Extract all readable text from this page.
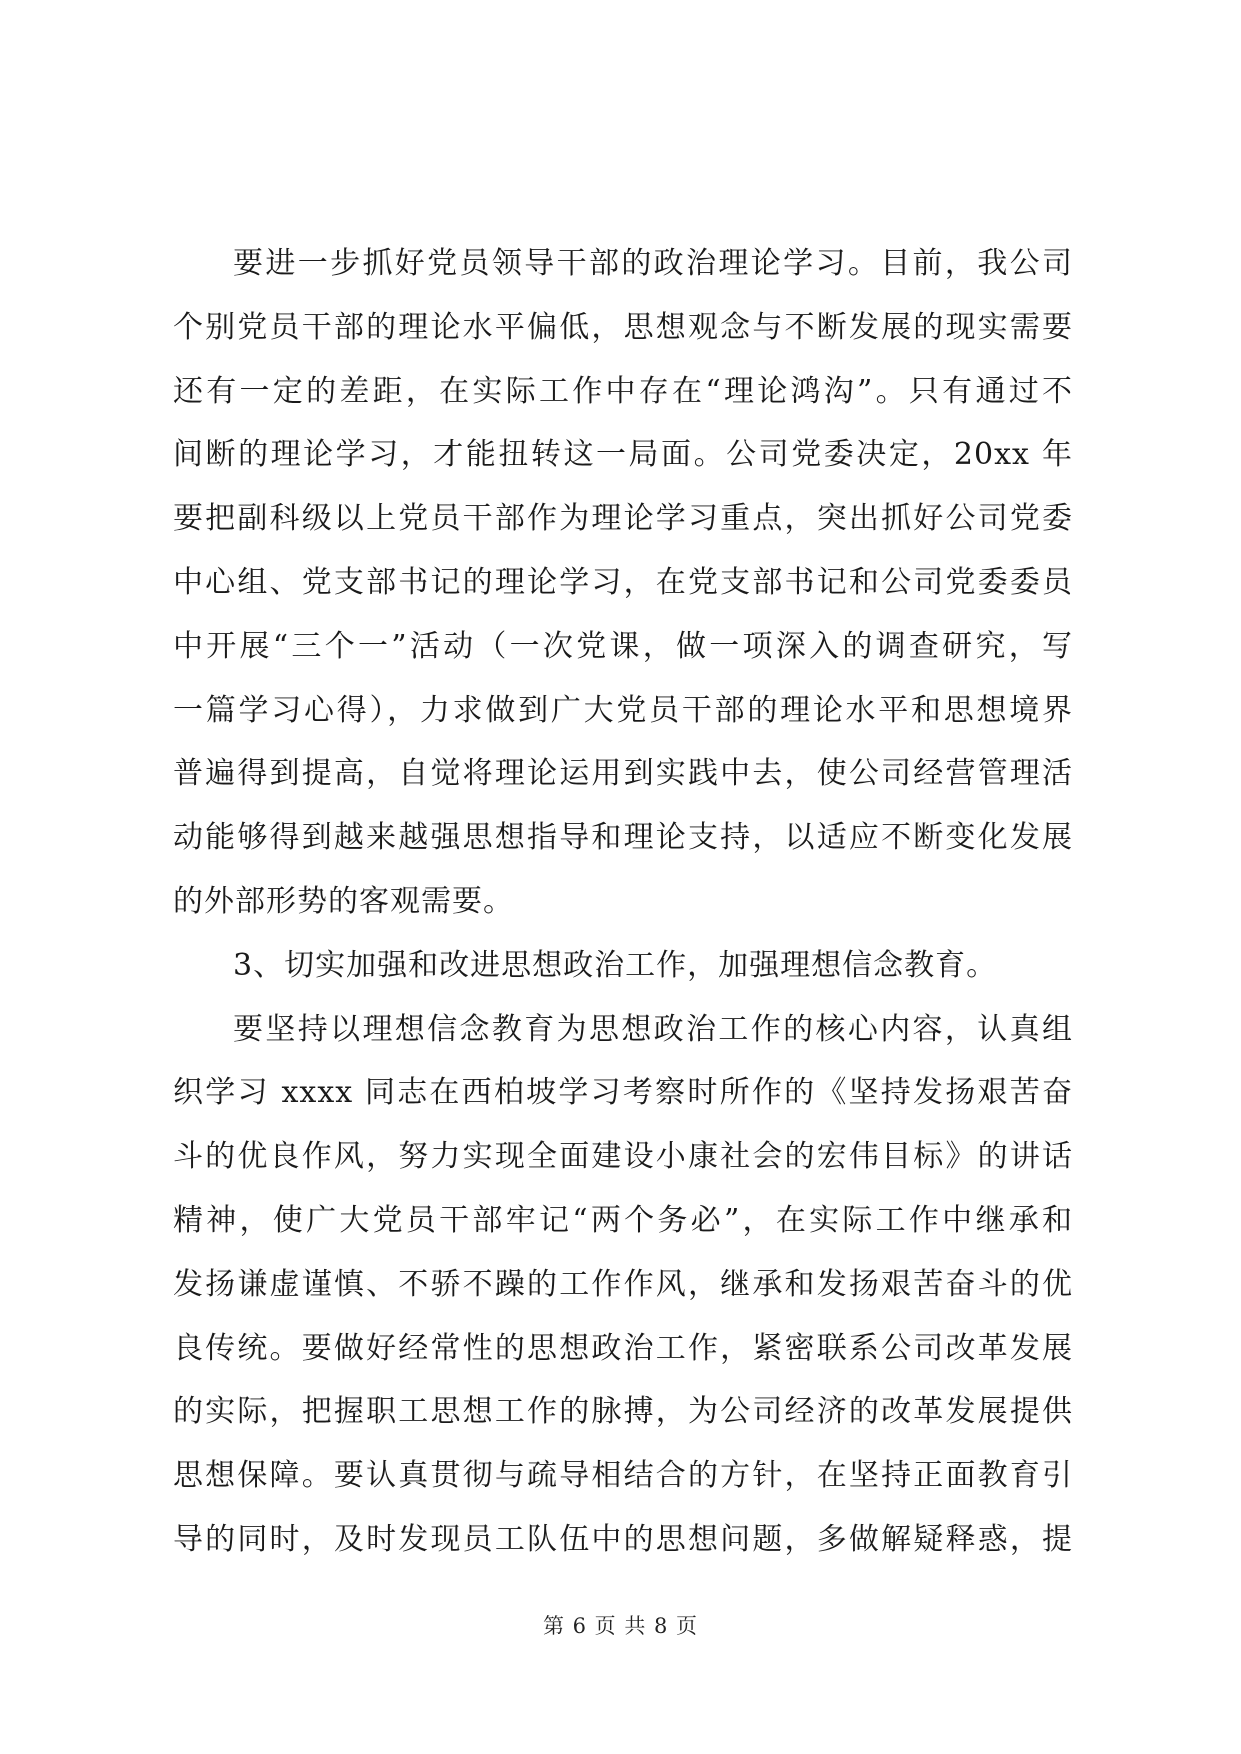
要进一步抓好党员领导干部的政治理论学习。目前，我公司
个别党员干部的理论水平偏低，思想观念与不断发展的现实需要
还有一定的差距，在实际工作中存在“理论鸿沟”。只有通过不
间断的理论学习，才能扭转这一局面。公司党委决定，20xx 年
要把副科级以上党员干部作为理论学习重点，突出抓好公司党委
中心组、党支部书记的理论学习，在党支部书记和公司党委委员
中开展“三个一”活动（一次党课，做一项深入的调查研究，写
一篇学习心得），力求做到广大党员干部的理论水平和思想境界
普遍得到提高，自觉将理论运用到实践中去，使公司经营管理活
动能够得到越来越强思想指导和理论支持，以适应不断变化发展
的外部形势的客观需要。
3、切实加强和改进思想政治工作，加强理想信念教育。
要坚持以理想信念教育为思想政治工作的核心内容，认真组
织学习 xxxx 同志在西柏坡学习考察时所作的《坚持发扬艰苦奋
斗的优良作风，努力实现全面建设小康社会的宏伟目标》的讲话
精神，使广大党员干部牢记“两个务必”，在实际工作中继承和
发扬谦虚谨慎、不骄不躁的工作作风，继承和发扬艰苦奋斗的优
良传统。要做好经常性的思想政治工作，紧密联系公司改革发展
的实际，把握职工思想工作的脉搏，为公司经济的改革发展提供
思想保障。要认真贯彻与疏导相结合的方针，在坚持正面教育引
导的同时，及时发现员工队伍中的思想问题，多做解疑释惑，提
第 6 页 共 8 页
